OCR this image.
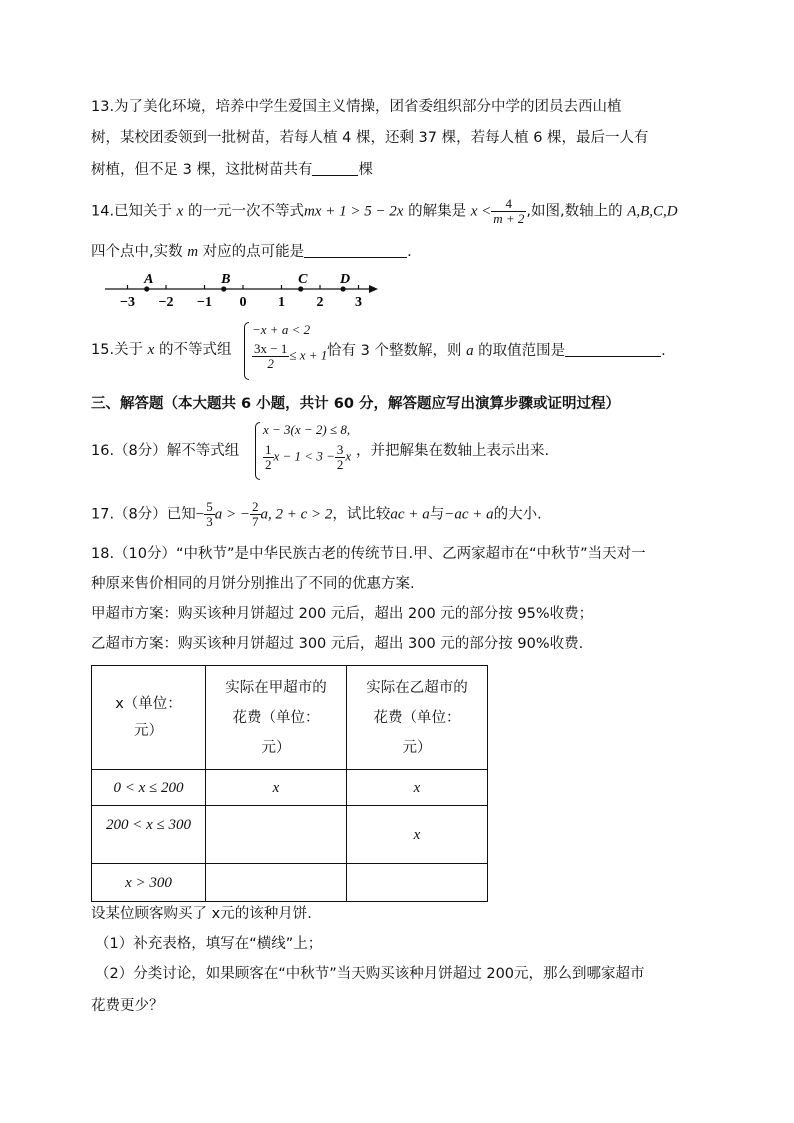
13.为了美化环境，培养中学生爱国主义情操，团省委组织部分中学的团员去西山植
树，某校团委领到一批树苗，若每人植 4 棵，还剩 37 棵，若每人植 6 棵，最后一人有
树植，但不足 3 棵，这批树苗共有	棵
14.已知关于 x 的一元一次不等式mx + 1 > 5 − 2x 的解集是 $x < \frac{4}{m + 2}$ ,如图,数轴上的 A,B,C,D
四个点中,实数 m 对应的点可能是	.
−3 −2 −1 0 1 2 3
A	B	C D
15.关于 x 的不等式组
−x + a < 2
$\frac{3x - 1}{2} \le x + 1$ 恰有 3 个整数解，则 a 的取值范围是	.
三、解答题（本大题共 6 小题，共计 60 分，解答题应写出演算步骤或证明过程）
16.（8分）解不等式组
x − 3(x − 2) ≤ 8,
$\frac{1}{2}$ $x - 1 < 3 - \frac{3}{2}$ x ，并把解集在数轴上表示出来.
17.（8分）已知− $\frac{5}{3}$ a > − $\frac{2}{7} a$, 2 + c > 2，试比较ac + a与−ac + a的大小.
18.（10分）“中秋节”是中华民族古老的传统节日.甲、乙两家超市在“中秋节”当天对一
种原来售价相同的月饼分别推出了不同的优惠方案.
甲超市方案：购买该种月饼超过 200 元后，超出 200 元的部分按 95%收费；
乙超市方案：购买该种月饼超过 300 元后，超出 300 元的部分按 90%收费.
x（单位：
元）	实际在甲超市的
花费（单位：
元）	实际在乙超市的
花费（单位：
元）
0 < x ≤ 200	x	x
200 < x ≤ 300		x
x > 300		
设某位顾客购买了 x元的该种月饼.
（1）补充表格，填写在“横线”上；
（2）分类讨论，如果顾客在“中秋节”当天购买该种月饼超过 200元，那么到哪家超市
花费更少？
